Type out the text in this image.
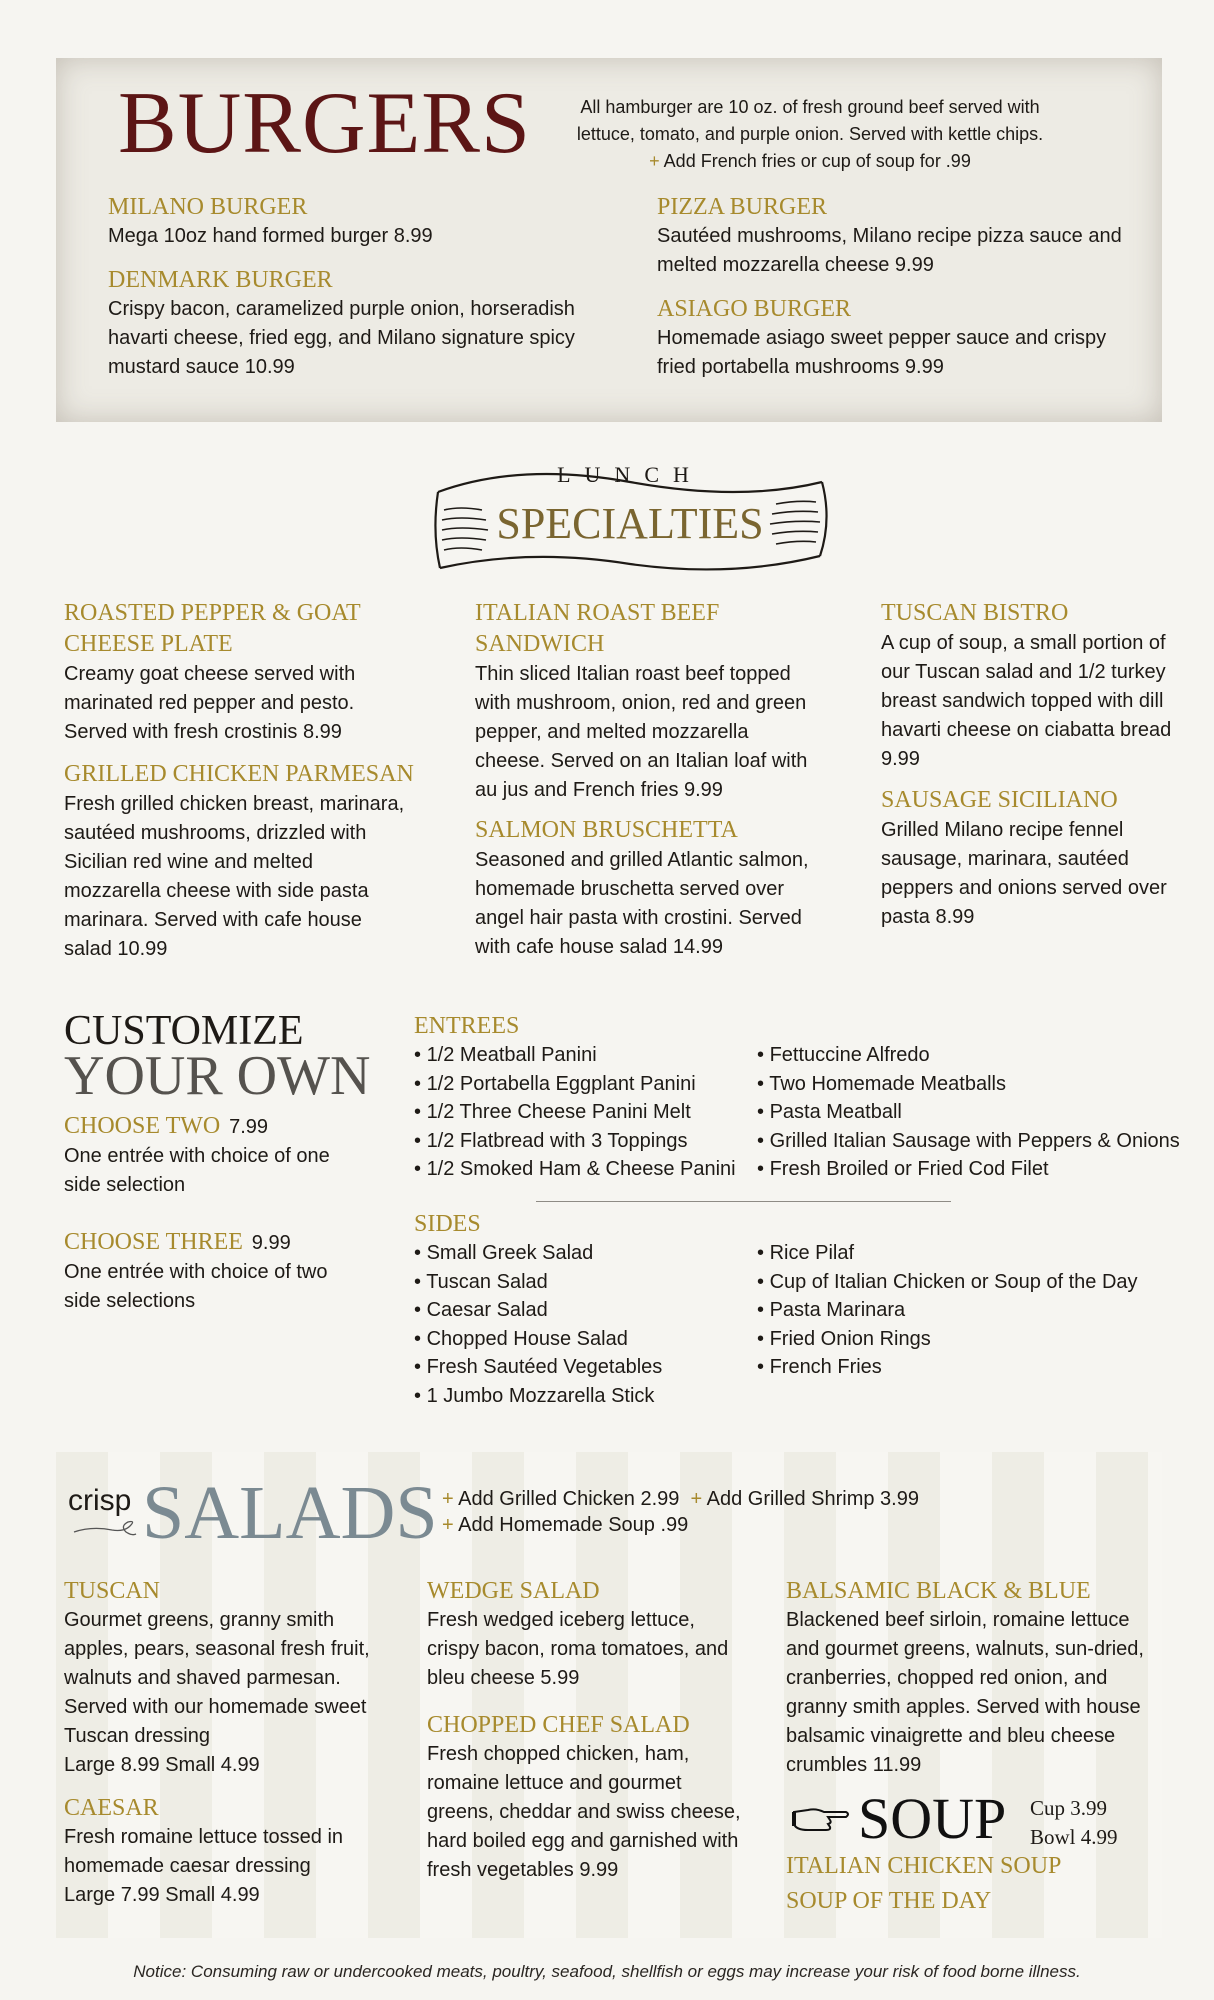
BURGERS	All hamburger are 10 oz. of fresh ground beef served with
lettuce, tomato, and purple onion. Served with kettle chips.
+ Add French fries or cup of soup for .99
MILANO BURGER

Mega 10oz hand formed burger 8.99

DENMARK BURGER

Crispy bacon, caramelized purple onion, horseradish havarti cheese, fried egg, and Milano signature spicy mustard sauce 10.99

PIZZA BURGER

Sautéed mushrooms, Milano recipe pizza sauce and melted mozzarella cheese 9.99

ASIAGO BURGER

Homemade asiago sweet pepper sauce and crispy fried portabella mushrooms 9.99

LUNCH
SPECIALTIES
ROASTED PEPPER & GOAT CHEESE PLATE

Creamy goat cheese served with marinated red pepper and pesto. Served with fresh crostinis 8.99

GRILLED CHICKEN PARMESAN

Fresh grilled chicken breast, marinara, sautéed mushrooms, drizzled with Sicilian red wine and melted mozzarella cheese with side pasta marinara. Served with cafe house salad 10.99

ITALIAN ROAST BEEF SANDWICH

Thin sliced Italian roast beef topped with mushroom, onion, red and green pepper, and melted mozzarella cheese. Served on an Italian loaf with au jus and French fries 9.99

SALMON BRUSCHETTA

Seasoned and grilled Atlantic salmon, homemade bruschetta served over angel hair pasta with crostini. Served with cafe house salad 14.99

TUSCAN BISTRO

A cup of soup, a small portion of our Tuscan salad and 1/2 turkey breast sandwich topped with dill havarti cheese on ciabatta bread 9.99

SAUSAGE SICILIANO

Grilled Milano recipe fennel sausage, marinara, sautéed peppers and onions served over pasta 8.99

CUSTOMIZE
YOUR OWN
CHOOSE TWO 7.99

One entrée with choice of one side selection

CHOOSE THREE 9.99

One entrée with choice of two side selections

ENTREES
• 1/2 Meatball Panini
• 1/2 Portabella Eggplant Panini
• 1/2 Three Cheese Panini Melt
• 1/2 Flatbread with 3 Toppings
• 1/2 Smoked Ham & Cheese Panini
• Fettuccine Alfredo
• Two Homemade Meatballs
• Pasta Meatball
• Grilled Italian Sausage with Peppers & Onions
• Fresh Broiled or Fried Cod Filet
SIDES
• Small Greek Salad
• Tuscan Salad
• Caesar Salad
• Chopped House Salad
• Fresh Sautéed Vegetables
• 1 Jumbo Mozzarella Stick
• Rice Pilaf
• Cup of Italian Chicken or Soup of the Day
• Pasta Marinara
• Fried Onion Rings
• French Fries
crisp SALADS + Add Grilled Chicken 2.99 + Add Grilled Shrimp 3.99
+ Add Homemade Soup .99
TUSCAN

Gourmet greens, granny smith apples, pears, seasonal fresh fruit, walnuts and shaved parmesan. Served with our homemade sweet Tuscan dressing

Large 8.99 Small 4.99

CAESAR

Fresh romaine lettuce tossed in homemade caesar dressing

Large 7.99 Small 4.99

WEDGE SALAD

Fresh wedged iceberg lettuce, crispy bacon, roma tomatoes, and bleu cheese 5.99

CHOPPED CHEF SALAD

Fresh chopped chicken, ham, romaine lettuce and gourmet greens, cheddar and swiss cheese, hard boiled egg and garnished with fresh vegetables 9.99

BALSAMIC BLACK & BLUE

Blackened beef sirloin, romaine lettuce and gourmet greens, walnuts, sun-dried, cranberries, chopped red onion, and granny smith apples. Served with house balsamic vinaigrette and bleu cheese crumbles 11.99

SOUP Cup 3.99
Bowl 4.99
ITALIAN CHICKEN SOUP
SOUP OF THE DAY
Notice: Consuming raw or undercooked meats, poultry, seafood, shellfish or eggs may increase your risk of food borne illness.
